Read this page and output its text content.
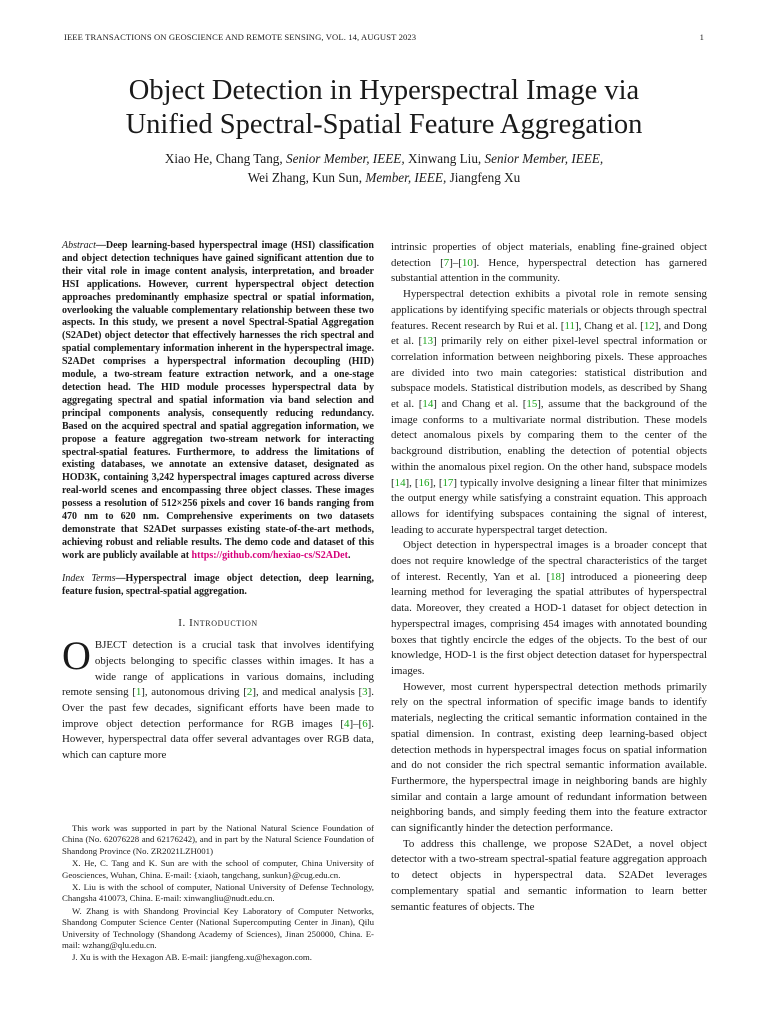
IEEE TRANSACTIONS ON GEOSCIENCE AND REMOTE SENSING, VOL. 14, AUGUST 2023	1
Object Detection in Hyperspectral Image via
Unified Spectral-Spatial Feature Aggregation
Xiao He, Chang Tang, Senior Member, IEEE, Xinwang Liu, Senior Member, IEEE,
Wei Zhang, Kun Sun, Member, IEEE, Jiangfeng Xu

Abstract—Deep learning-based hyperspectral image (HSI) classification and object detection techniques have gained significant attention due to their vital role in image content analysis, interpretation, and broader HSI applications. However, current hyperspectral object detection approaches predominantly emphasize spectral or spatial information, overlooking the valuable complementary relationship between these two aspects. In this study, we present a novel Spectral-Spatial Aggregation (S2ADet) object detector that effectively harnesses the rich spectral and spatial complementary information inherent in the hyperspectral image. S2ADet comprises a hyperspectral information decoupling (HID) module, a two-stream feature extraction network, and a one-stage detection head. The HID module processes hyperspectral data by aggregating spectral and spatial information via band selection and principal components analysis, consequently reducing redundancy. Based on the acquired spectral and spatial aggregation information, we propose a feature aggregation two-stream network for interacting spectral-spatial features. Furthermore, to address the limitations of existing databases, we annotate an extensive dataset, designated as HOD3K, containing 3,242 hyperspectral images captured across diverse real-world scenes and encompassing three object classes. These images possess a resolution of 512×256 pixels and cover 16 bands ranging from 470 nm to 620 nm. Comprehensive experiments on two datasets demonstrate that S2ADet surpasses existing state-of-the-art methods, achieving robust and reliable results. The demo code and dataset of this work are publicly available at https://github.com/hexiao-cs/S2ADet.

Index Terms—Hyperspectral image object detection, deep learning, feature fusion, spectral-spatial aggregation.

I. Introduction

OBJECT detection is a crucial task that involves identifying objects belonging to specific classes within images. It has a wide range of applications in various domains, including remote sensing [1], autonomous driving [2], and medical analysis [3]. Over the past few decades, significant efforts have been made to improve object detection performance for RGB images [4]–[6]. However, hyperspectral data offer several advantages over RGB data, which can capture more

This work was supported in part by the National Natural Science Foundation of China (No. 62076228 and 62176242), and in part by the Natural Science Foundation of Shandong Province (No. ZR2021LZH001)

X. He, C. Tang and K. Sun are with the school of computer, China University of Geosciences, Wuhan, China. E-mail: {xiaoh, tangchang, sunkun}@cug.edu.cn.

X. Liu is with the school of computer, National University of Defense Technology, Changsha 410073, China. E-mail: xinwangliu@nudt.edu.cn.

W. Zhang is with Shandong Provincial Key Laboratory of Computer Networks, Shandong Computer Science Center (National Supercomputing Center in Jinan), Qilu University of Technology (Shandong Academy of Sciences), Jinan 250000, China. E-mail: wzhang@qlu.edu.cn.

J. Xu is with the Hexagon AB. E-mail: jiangfeng.xu@hexagon.com.

intrinsic properties of object materials, enabling fine-grained object detection [7]–[10]. Hence, hyperspectral detection has garnered substantial attention in the community.

Hyperspectral detection exhibits a pivotal role in remote sensing applications by identifying specific materials or objects through spectral features. Recent research by Rui et al. [11], Chang et al. [12], and Dong et al. [13] primarily rely on either pixel-level spectral information or correlation information between neighboring pixels. These approaches are divided into two main categories: statistical distribution and subspace models. Statistical distribution models, as described by Shang et al. [14] and Chang et al. [15], assume that the background of the image conforms to a multivariate normal distribution. These models detect anomalous pixels by comparing them to the center of the background distribution, enabling the detection of potential objects within the anomalous pixel region. On the other hand, subspace models [14], [16], [17] typically involve designing a linear filter that minimizes the output energy while satisfying a constraint equation. This approach allows for identifying subspaces containing the signal of interest, leading to accurate hyperspectral target detection.

Object detection in hyperspectral images is a broader concept that does not require knowledge of the spectral characteristics of the target of interest. Recently, Yan et al. [18] introduced a pioneering deep learning method for leveraging the spatial attributes of hyperspectral data. Moreover, they created a HOD-1 dataset for object detection in hyperspectral images, comprising 454 images with annotated bounding boxes that tightly encircle the edges of the objects. To the best of our knowledge, HOD-1 is the first object detection dataset for hyperspectral images.

However, most current hyperspectral detection methods primarily rely on the spectral information of specific image bands to identify materials, neglecting the critical semantic information contained in the spatial dimension. In contrast, existing deep learning-based object detection methods in hyperspectral images focus on spatial information and do not consider the rich spectral semantic information available. Furthermore, the hyperspectral image in neighboring bands are highly similar and contain a large amount of redundant information between neighboring bands, and simply feeding them into the feature extractor can significantly hinder the detection performance.

To address this challenge, we propose S2ADet, a novel object detector with a two-stream spectral-spatial feature aggregation approach to detect objects in hyperspectral data. S2ADet leverages complementary spatial and semantic information to learn better semantic features of objects. The
